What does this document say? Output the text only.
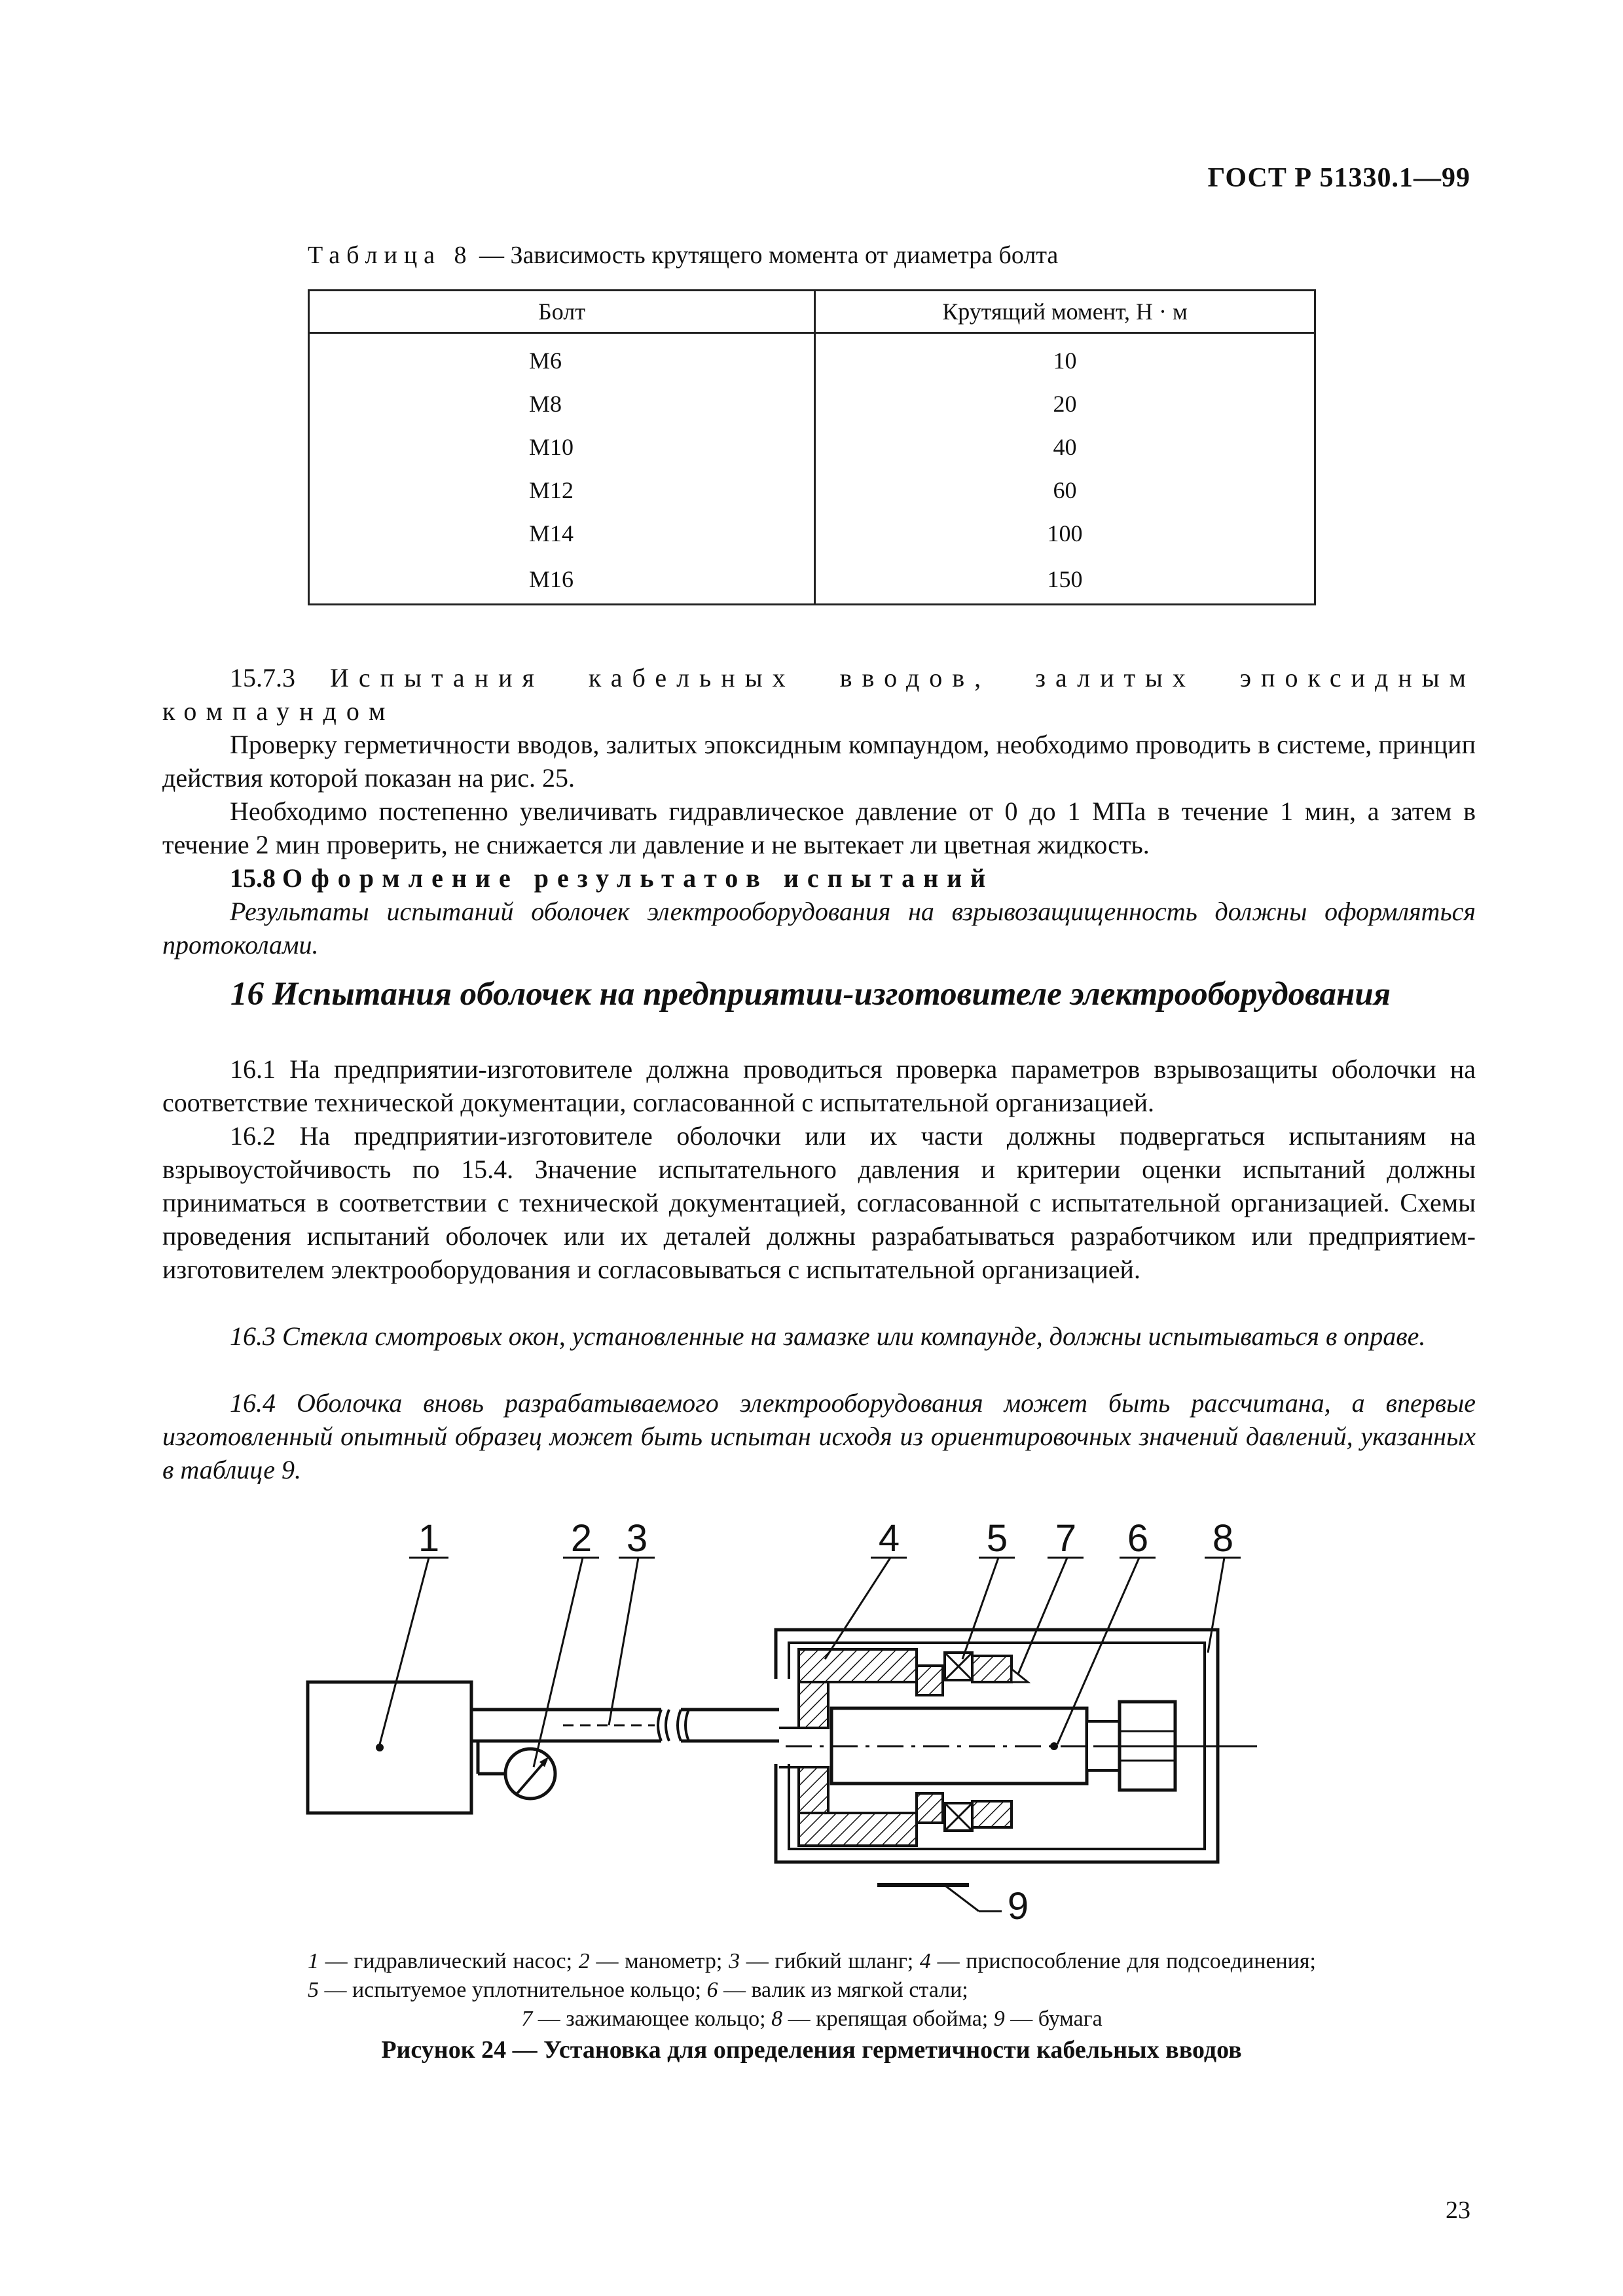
ГОСТ Р 51330.1—99
Таблица 8 — Зависимость крутящего момента от диаметра болта
Болт	Крутящий момент, Н · м
M6	10
M8	20
M10	40
M12	60
M14	100
M16	150
15.7.3 Испытания кабельных вводов, залитых эпоксидным компаундом
Проверку герметичности вводов, залитых эпоксидным компаундом, необходимо проводить в системе, принцип действия которой показан на рис. 25.
Необходимо постепенно увеличивать гидравлическое давление от 0 до 1 МПа в течение 1 мин, а затем в течение 2 мин проверить, не снижается ли давление и не вытекает ли цветная жидкость.
15.8 Оформление результатов испытаний
Результаты испытаний оболочек электрооборудования на взрывозащищенность должны оформляться протоколами.
16 Испытания оболочек на предприятии-изготовителе электрооборудования
16.1 На предприятии-изготовителе должна проводиться проверка параметров взрывозащиты оболочки на соответствие технической документации, согласованной с испытательной организацией.
16.2 На предприятии-изготовителе оболочки или их части должны подвергаться испытаниям на взрывоустойчивость по 15.4. Значение испытательного давления и критерии оценки испытаний должны приниматься в соответствии с технической документацией, согласованной с испытательной организацией. Схемы проведения испытаний оболочек или их деталей должны разрабатываться разработчиком или предприятием-изготовителем электрооборудования и согласовываться с испытательной организацией.
16.3 Стекла смотровых окон, установленные на замазке или компаунде, должны испытываться в оправе.
16.4 Оболочка вновь разрабатываемого электрооборудования может быть рассчитана, а впервые изготовленный опытный образец может быть испытан исходя из ориентировочных значений давлений, указанных в таблице 9.
1	2 3	4 5 7 6 8
9
1 — гидравлический насос; 2 — манометр; 3 — гибкий шланг; 4 — приспособление для подсоединения; 5 — испытуемое уплотнительное кольцо; 6 — валик из мягкой стали;
7 — зажимающее кольцо; 8 — крепящая обойма; 9 — бумага
Рисунок 24 — Установка для определения герметичности кабельных вводов
23
